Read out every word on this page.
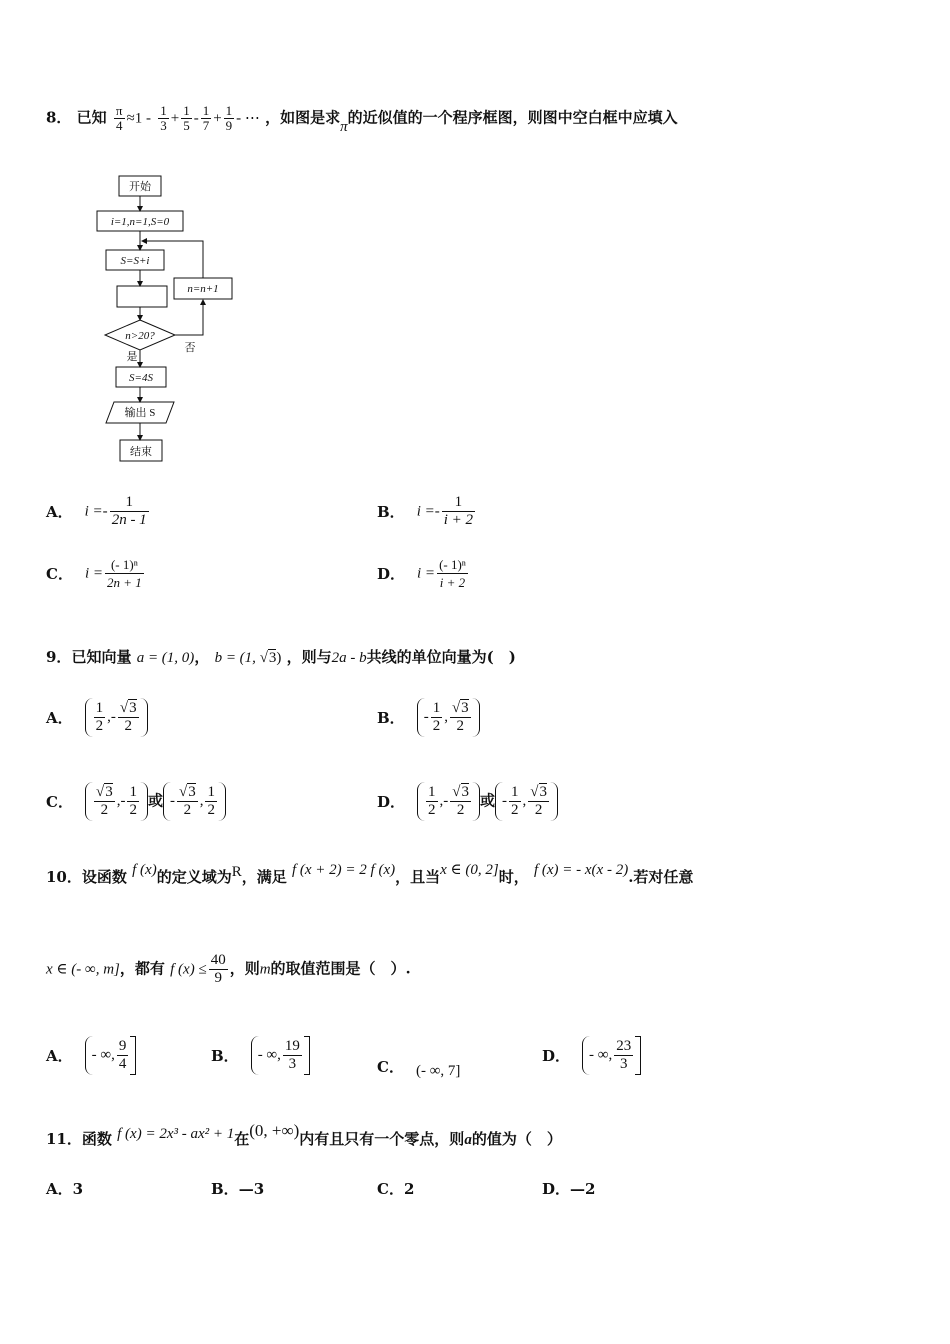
8． 已知 $\frac{\pi}{4} \approx 1 - \frac{1}{3} + \frac{1}{5} - \frac{1}{7} + \frac{1}{9}$ - ⋯ ，如图是求π的近似值的一个程序框图，则图中空白框中应填入
开始
i=1,n=1,S=0
S=S+i
n=n+1
n>20?
是
否
S=4S
输出 S
结束
A． $i =- \frac{1}{2n - 1}$	B． $i =- \frac{1}{i + 2}$
C． $i = \frac{\text{(- 1)ⁿ}}{2n + 1}$	D． $i = \frac{\text{(- 1)ⁿ}}{i + 2}$
9．已知向量 a = (1, 0)， b = (1, √3) ，则与2a - b共线的单位向量为(　)
A． $\frac{1}{2}$ ,- $\frac{√3}{2}$	B． - $\frac{1}{2}$ , $\frac{√3}{2}$
C． $\frac{√3}{2}$ ,- $\frac{1}{2}$ 或 - $\frac{√3}{2}$ , $\frac{1}{2}$	D． $\frac{1}{2}$ ,- $\frac{√3}{2}$ 或 - $\frac{1}{2}$ , $\frac{√3}{2}$
10．设函数 f (x)的定义域为R，满足 f (x + 2) = 2 f (x)，且当x ∈ (0, 2]时， f (x) = - x(x - 2).若对任意
x ∈ (- ∞, m]，都有 f $(x) \le \frac{40}{9}$ ，则m的取值范围是（　）.
A． - ∞, $\frac{9}{4}$	B． - ∞, $\frac{19}{3}$	C． (- ∞, 7]
D． - ∞, $\frac{23}{3}$
11．函数 f (x) = 2x³ - ax² + 1在(0, +∞)内有且只有一个零点，则a的值为（　）
A．3	B．—3	C．2	D．—2
